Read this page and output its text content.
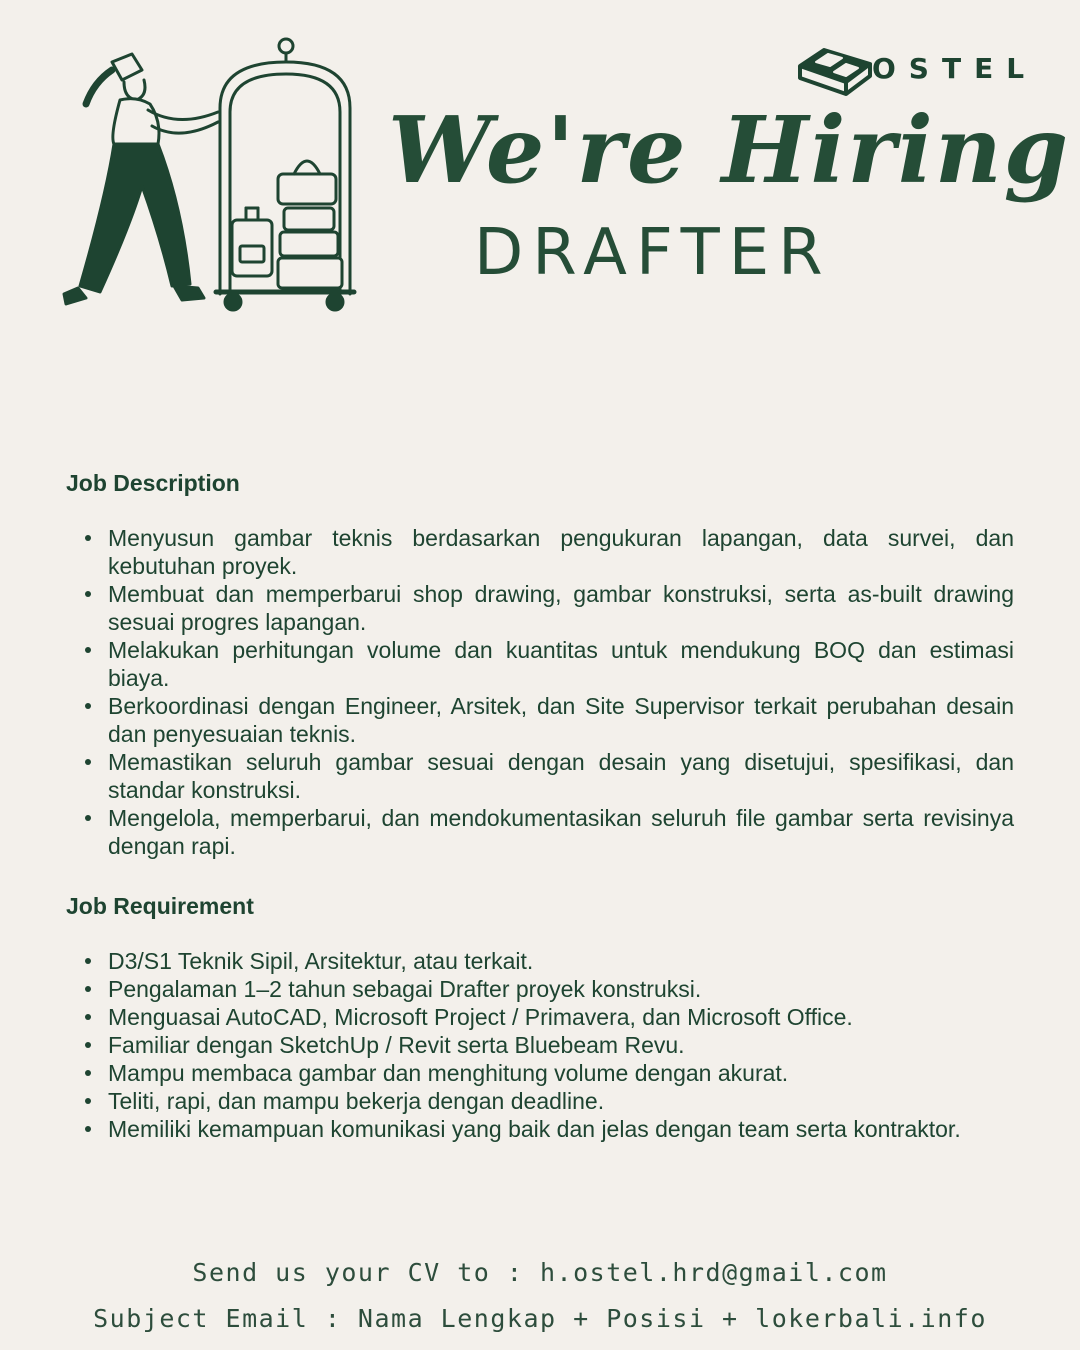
OSTEL
We're Hiring
DRAFTER
Job Description
Menyusun gambar teknis berdasarkan pengukuran lapangan, data survei, dan kebutuhan proyek.
Membuat dan memperbarui shop drawing, gambar konstruksi, serta as-built drawing sesuai progres lapangan.
Melakukan perhitungan volume dan kuantitas untuk mendukung BOQ dan estimasi biaya.
Berkoordinasi dengan Engineer, Arsitek, dan Site Supervisor terkait perubahan desain dan penyesuaian teknis.
Memastikan seluruh gambar sesuai dengan desain yang disetujui, spesifikasi, dan standar konstruksi.
Mengelola, memperbarui, dan mendokumentasikan seluruh file gambar serta revisinya dengan rapi.
Job Requirement
D3/S1 Teknik Sipil, Arsitektur, atau terkait.
Pengalaman 1–2 tahun sebagai Drafter proyek konstruksi.
Menguasai AutoCAD, Microsoft Project / Primavera, dan Microsoft Office.
Familiar dengan SketchUp / Revit serta Bluebeam Revu.
Mampu membaca gambar dan menghitung volume dengan akurat.
Teliti, rapi, dan mampu bekerja dengan deadline.
Memiliki kemampuan komunikasi yang baik dan jelas dengan team serta kontraktor.
Send us your CV to : h.ostel.hrd@gmail.com
Subject Email : Nama Lengkap + Posisi + lokerbali.info
